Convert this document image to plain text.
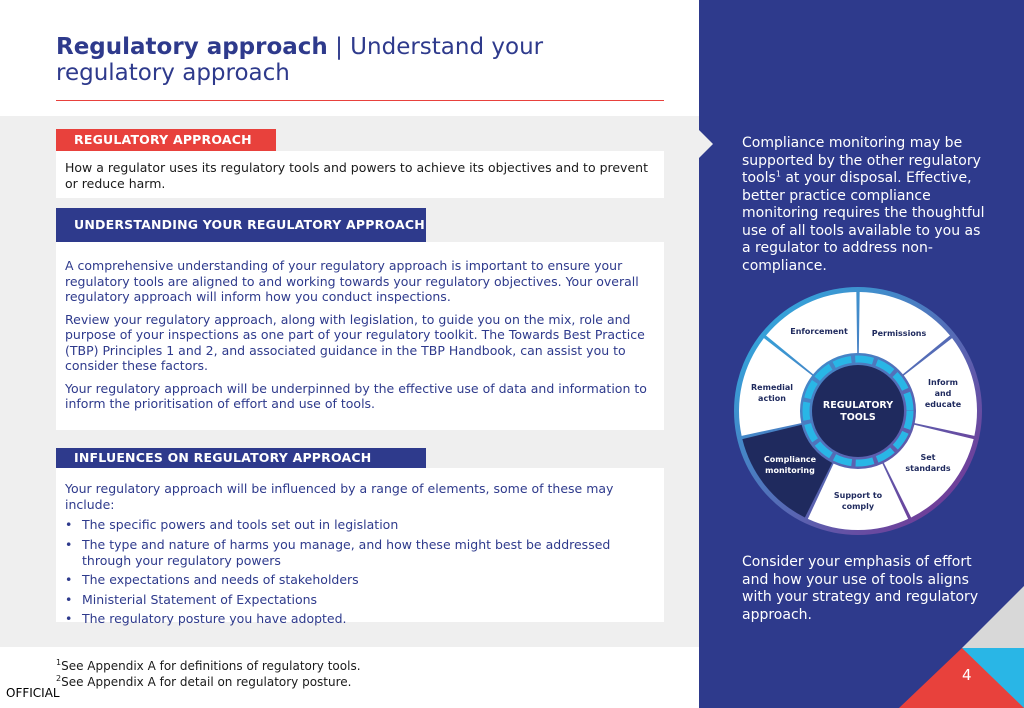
Regulatory approach | Understand your regulatory approach
REGULATORY APPROACH
How a regulator uses its regulatory tools and powers to achieve its objectives and to prevent or reduce harm.
UNDERSTANDING YOUR REGULATORY APPROACH

A comprehensive understanding of your regulatory approach is important to ensure your regulatory tools are aligned to and working towards your regulatory objectives. Your overall regulatory approach will inform how you conduct inspections.

Review your regulatory approach, along with legislation, to guide you on the mix, role and purpose of your inspections as one part of your regulatory toolkit. The Towards Best Practice (TBP) Principles 1 and 2, and associated guidance in the TBP Handbook, can assist you to consider these factors.

Your regulatory approach will be underpinned by the effective use of data and information to inform the prioritisation of effort and use of tools.

INFLUENCES ON REGULATORY APPROACH
Your regulatory approach will be influenced by a range of elements, some of these may include:
• The specific powers and tools set out in legislation
• The type and nature of harms you manage, and how these might best be addressed through your regulatory powers
• The expectations and needs of stakeholders
• Ministerial Statement of Expectations
• The regulatory posture you have adopted.
$^1$See Appendix A for definitions of regulatory tools.
$^2$See Appendix A for detail on regulatory posture.
OFFICIAL
Compliance monitoring may be supported by the other regulatory tools$^1$ at your disposal. Effective, better practice compliance monitoring requires the thoughtful use of all tools available to you as a regulator to address non-compliance.
REGULATORY
TOOLS
Permissions
Inform
and
educate
Set
standards
Support to
comply
Compliance
monitoring
Remedial
action
Enforcement
Consider your emphasis of effort and how your use of tools aligns with your strategy and regulatory approach.
4
